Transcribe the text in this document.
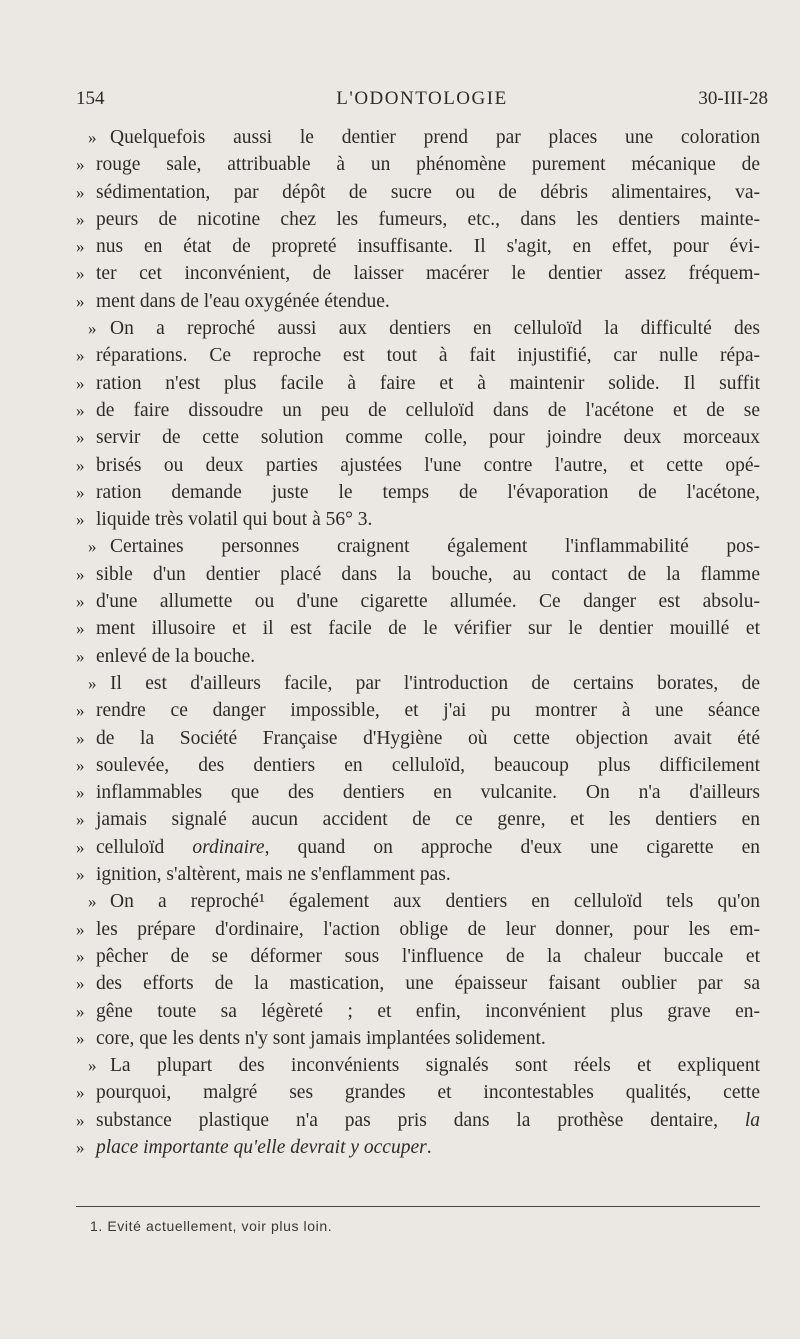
154	L'ODONTOLOGIE	30-III-28
» Quelquefois aussi le dentier prend par places une coloration
» rouge sale, attribuable à un phénomène purement mécanique de
» sédimentation, par dépôt de sucre ou de débris alimentaires, va-
» peurs de nicotine chez les fumeurs, etc., dans les dentiers mainte-
» nus en état de propreté insuffisante. Il s'agit, en effet, pour évi-
» ter cet inconvénient, de laisser macérer le dentier assez fréquem-
» ment dans de l'eau oxygénée étendue.
» On a reproché aussi aux dentiers en celluloïd la difficulté des
» réparations. Ce reproche est tout à fait injustifié, car nulle répa-
» ration n'est plus facile à faire et à maintenir solide. Il suffit
» de faire dissoudre un peu de celluloïd dans de l'acétone et de se
» servir de cette solution comme colle, pour joindre deux morceaux
» brisés ou deux parties ajustées l'une contre l'autre, et cette opé-
» ration demande juste le temps de l'évaporation de l'acétone,
» liquide très volatil qui bout à 56° 3.
» Certaines personnes craignent également l'inflammabilité pos-
» sible d'un dentier placé dans la bouche, au contact de la flamme
» d'une allumette ou d'une cigarette allumée. Ce danger est absolu-
» ment illusoire et il est facile de le vérifier sur le dentier mouillé et
» enlevé de la bouche.
» Il est d'ailleurs facile, par l'introduction de certains borates, de
» rendre ce danger impossible, et j'ai pu montrer à une séance
» de la Société Française d'Hygiène où cette objection avait été
» soulevée, des dentiers en celluloïd, beaucoup plus difficilement
» inflammables que des dentiers en vulcanite. On n'a d'ailleurs
» jamais signalé aucun accident de ce genre, et les dentiers en
» celluloïd ordinaire, quand on approche d'eux une cigarette en
» ignition, s'altèrent, mais ne s'enflamment pas.
» On a reproché¹ également aux dentiers en celluloïd tels qu'on
» les prépare d'ordinaire, l'action oblige de leur donner, pour les em-
» pêcher de se déformer sous l'influence de la chaleur buccale et
» des efforts de la mastication, une épaisseur faisant oublier par sa
» gêne toute sa légèreté ; et enfin, inconvénient plus grave en-
» core, que les dents n'y sont jamais implantées solidement.
» La plupart des inconvénients signalés sont réels et expliquent
» pourquoi, malgré ses grandes et incontestables qualités, cette
» substance plastique n'a pas pris dans la prothèse dentaire, la
» place importante qu'elle devrait y occuper.
1. Evité actuellement, voir plus loin.
